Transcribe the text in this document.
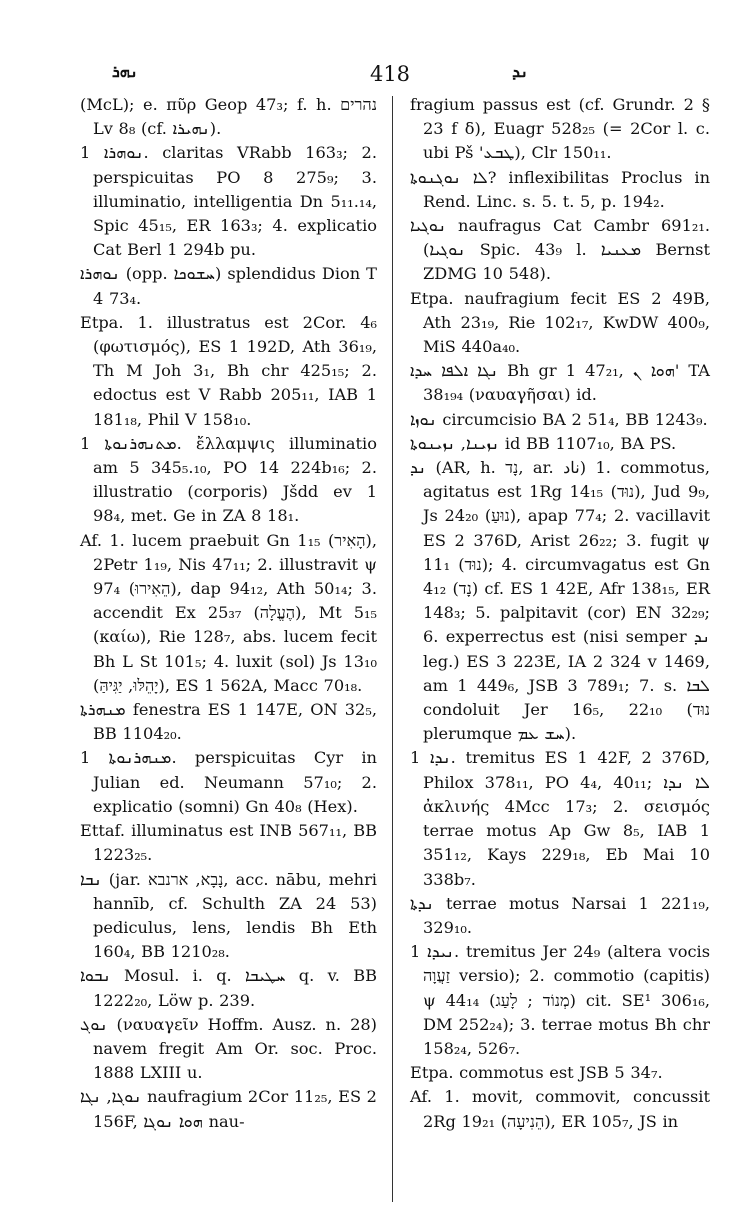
ܢܗܪ	418	ܢܕ

(McL); e. πῦρ Geop 47₃; f. h. נהרים Lv 8₈ (cf. ܢܗܝܪܐ).

ܢܘܗܪܐ 1. claritas VRabb 163₃; 2. perspicuitas PO 8 275₉; 3. illuminatio, intelligentia Dn 5₁₁.₁₄, Spic 45₁₅, ER 163₃; 4. explicatio Cat Berl 1 294b pu.

ܢܘܗܪܐ (opp. ܚܫܘܟܐ) splendidus Dion T 4 73₄.

Etpa. 1. illustratus est 2Cor. 4₆ (φωτισμός), ES 1 192D, Ath 36₁₉, Th M Joh 3₁, Bh chr 425₁₅; 2. edoctus est V Rabb 205₁₁, IAB 1 181₁₈, Phil V 158₁₀.

ܡܬܢܗܪܢܘܬܐ 1. ἔλλαμψις illuminatio am 5 345₅.₁₀, PO 14 224b₁₆; 2. illustratio (corporis) Jšdd ev 1 98₄, met. Ge in ZA 8 18₁.

Af. 1. lucem praebuit Gn 1₁₅ (הָאִיר), 2Petr 1₁₉, Nis 47₁₁; 2. illustravit ψ 97₄ (הֵאִירוּ), dap 94₁₂, Ath 50₁₄; 3. accendit Ex 25₃₇ (הֶעֱלָה), Mt 5₁₅ (καίω), Rie 128₇, abs. lucem fecit Bh L St 101₅; 4. luxit (sol) Js 13₁₀ (יָהֵלּוּ, יַגִּיהַּ), ES 1 562A, Macc 70₁₈.

ܡܢܗܪܬܐ fenestra ES 1 147E, ON 32₅, BB 1104₂₀.

ܡܢܗܪܢܘܬܐ 1. perspicuitas Cyr in Julian ed. Neumann 57₁₀; 2. explicatio (somni) Gn 40₈ (Hex).

Ettaf. illuminatus est INB 567₁₁, BB 1223₂₅.

ܢܒܐ (jar. נָבָא, ארנבא, acc. nābu, mehri hannīb, cf. Schulth ZA 24 53) pediculus, lens, lendis Bh Eth 160₄, BB 1210₂₈.

ܢܒܘܐ Mosul. i. q. ܚܛܝܒܐ q. v. BB 1222₂₀, Löw p. 239.

ܢܘܓ (ναυαγεῖν Hoffm. Ausz. n. 28) navem fregit Am Or. soc. Proc. 1888 LXIII u.

ܢܘܓܐ, ܢܓܐ naufragium 2Cor 11₂₅, ES 2 156F, ܗܘܐ ܢܘܓܐ nau-

fragium passus est (cf. Grundr. 2 § 23 f δ), Euagr 528₂₅ (= 2Cor l. c. ubi Pš 'ܛܒܥ), Clr 150₁₁.

ܠܐ ܢܘܓܢܘܬܐ? inflexibilitas Proclus in Rend. Linc. s. 5. t. 5, p. 194₂.

ܢܘܓܝܐ naufragus Cat Cambr 691₂₁. (ܢܘܓܝܐ Spic. 43₉ l. ܡܥܢܝܐ Bernst ZDMG 10 548).

Etpa. naufragium fecit ES 2 49B, Ath 23₁₉, Rie 102₁₇, KwDW 400₉, MiS 440a₄₀.

ܢܓܐ ܐܠܦܐ ܚܕܐ Bh gr 1 47₂₁, ܗܘܐ ܢ' TA 38₁₉₄ (ναυαγῆσαι) id.

ܢܘܙܐ circumcisio BA 2 51₄, BB 1243₉.

ܢܙܝܢܐ, ܢܙܝܢܘܬܐ id BB 1107₁₀, BA PS.

ܢܕ (AR, h. נָד, ar. ناد) 1. commotus, agitatus est 1Rg 14₁₅ (נוּד), Jud 9₉, Js 24₂₀ (נוּעַ), apap 77₄; 2. vacillavit ES 2 376D, Arist 26₂₂; 3. fugit ψ 11₁ (נוּד); 4. circumvagatus est Gn 4₁₂ (נָד) cf. ES 1 42E, Afr 138₁₅, ER 148₃; 5. palpitavit (cor) EN 32₂₉; 6. experrectus est (nisi semper ܢܕ leg.) ES 3 223E, IA 2 324 v 1469, am 1 449₆, JSB 3 789₁; 7. s. ܠܒܐ condoluit Jer 16₅, 22₁₀ (נוּד plerumque ܚܫ ܥܡ).

ܢܕܐ 1. tremitus ES 1 42F, 2 376D, Philox 378₁₁, PO 4₄, 40₁₁; ܠܐ ܢܕܐ ἀκλινής 4Mcc 17₃; 2. σεισμός terrae motus Ap Gw 8₅, IAB 1 351₁₂, Kays 229₁₈, Eb Mai 10 338b₇.

ܢܕܬܐ terrae motus Narsai 1 221₁₉, 329₁₀.

ܢܝܕܐ 1. tremitus Jer 24₉ (altera vocis זַעֲוָה versio); 2. commotio (capitis) ψ 44₁₄ (מְנוֹד ; לָעַג) cit. SE¹ 306₁₆, DM 252₂₄); 3. terrae motus Bh chr 158₂₄, 526₇.

Etpa. commotus est JSB 5 34₇.

Af. 1. movit, commovit, concussit 2Rg 19₂₁ (הֵנִיעָה), ER 105₇, JS in
